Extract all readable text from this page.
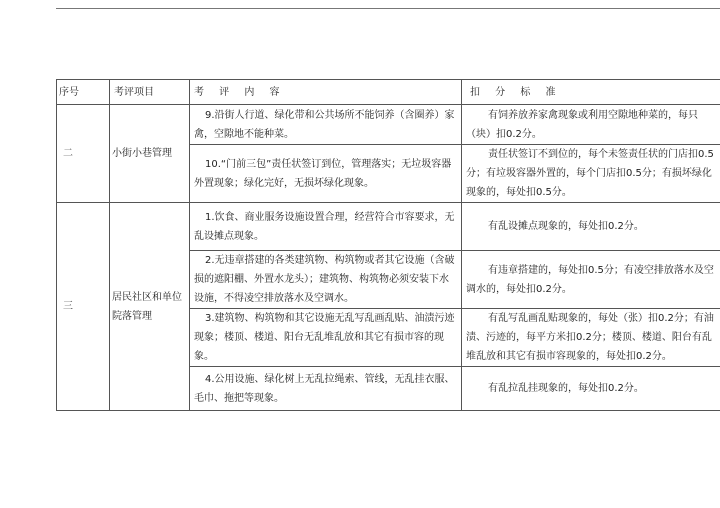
序号	考评项目	考 评 内 容	扣 分 标 准
二	小街小巷管理	9.沿街人行道、绿化带和公共场所不能饲养（含圈养）家禽，空隙地不能种菜。	有饲养放养家禽现象或利用空隙地种菜的，每只（块）扣0.2分。
		10.“门前三包”责任状签订到位，管理落实；无垃圾容器外置现象；绿化完好，无损坏绿化现象。	责任状签订不到位的，每个未签责任状的门店扣0.5分；有垃圾容器外置的，每个门店扣0.5分；有损坏绿化现象的，每处扣0.5分。
三	居民社区和单位院落管理	1.饮食、商业服务设施设置合理，经营符合市容要求，无乱设摊点现象。	有乱设摊点现象的，每处扣0.2分。
		2.无违章搭建的各类建筑物、构筑物或者其它设施（含破损的遮阳棚、外置水龙头）；建筑物、构筑物必须安装下水设施，不得凌空排放落水及空调水。	有违章搭建的，每处扣0.5分；有凌空排放落水及空调水的，每处扣0.2分。
		3.建筑物、构筑物和其它设施无乱写乱画乱贴、油渍污迹现象；楼顶、楼道、阳台无乱堆乱放和其它有损市容的现象。	有乱写乱画乱贴现象的，每处（张）扣0.2分；有油渍、污迹的，每平方米扣0.2分；楼顶、楼道、阳台有乱堆乱放和其它有损市容现象的，每处扣0.2分。
		4.公用设施、绿化树上无乱拉绳索、管线，无乱挂衣服、毛巾、拖把等现象。	有乱拉乱挂现象的，每处扣0.2分。
